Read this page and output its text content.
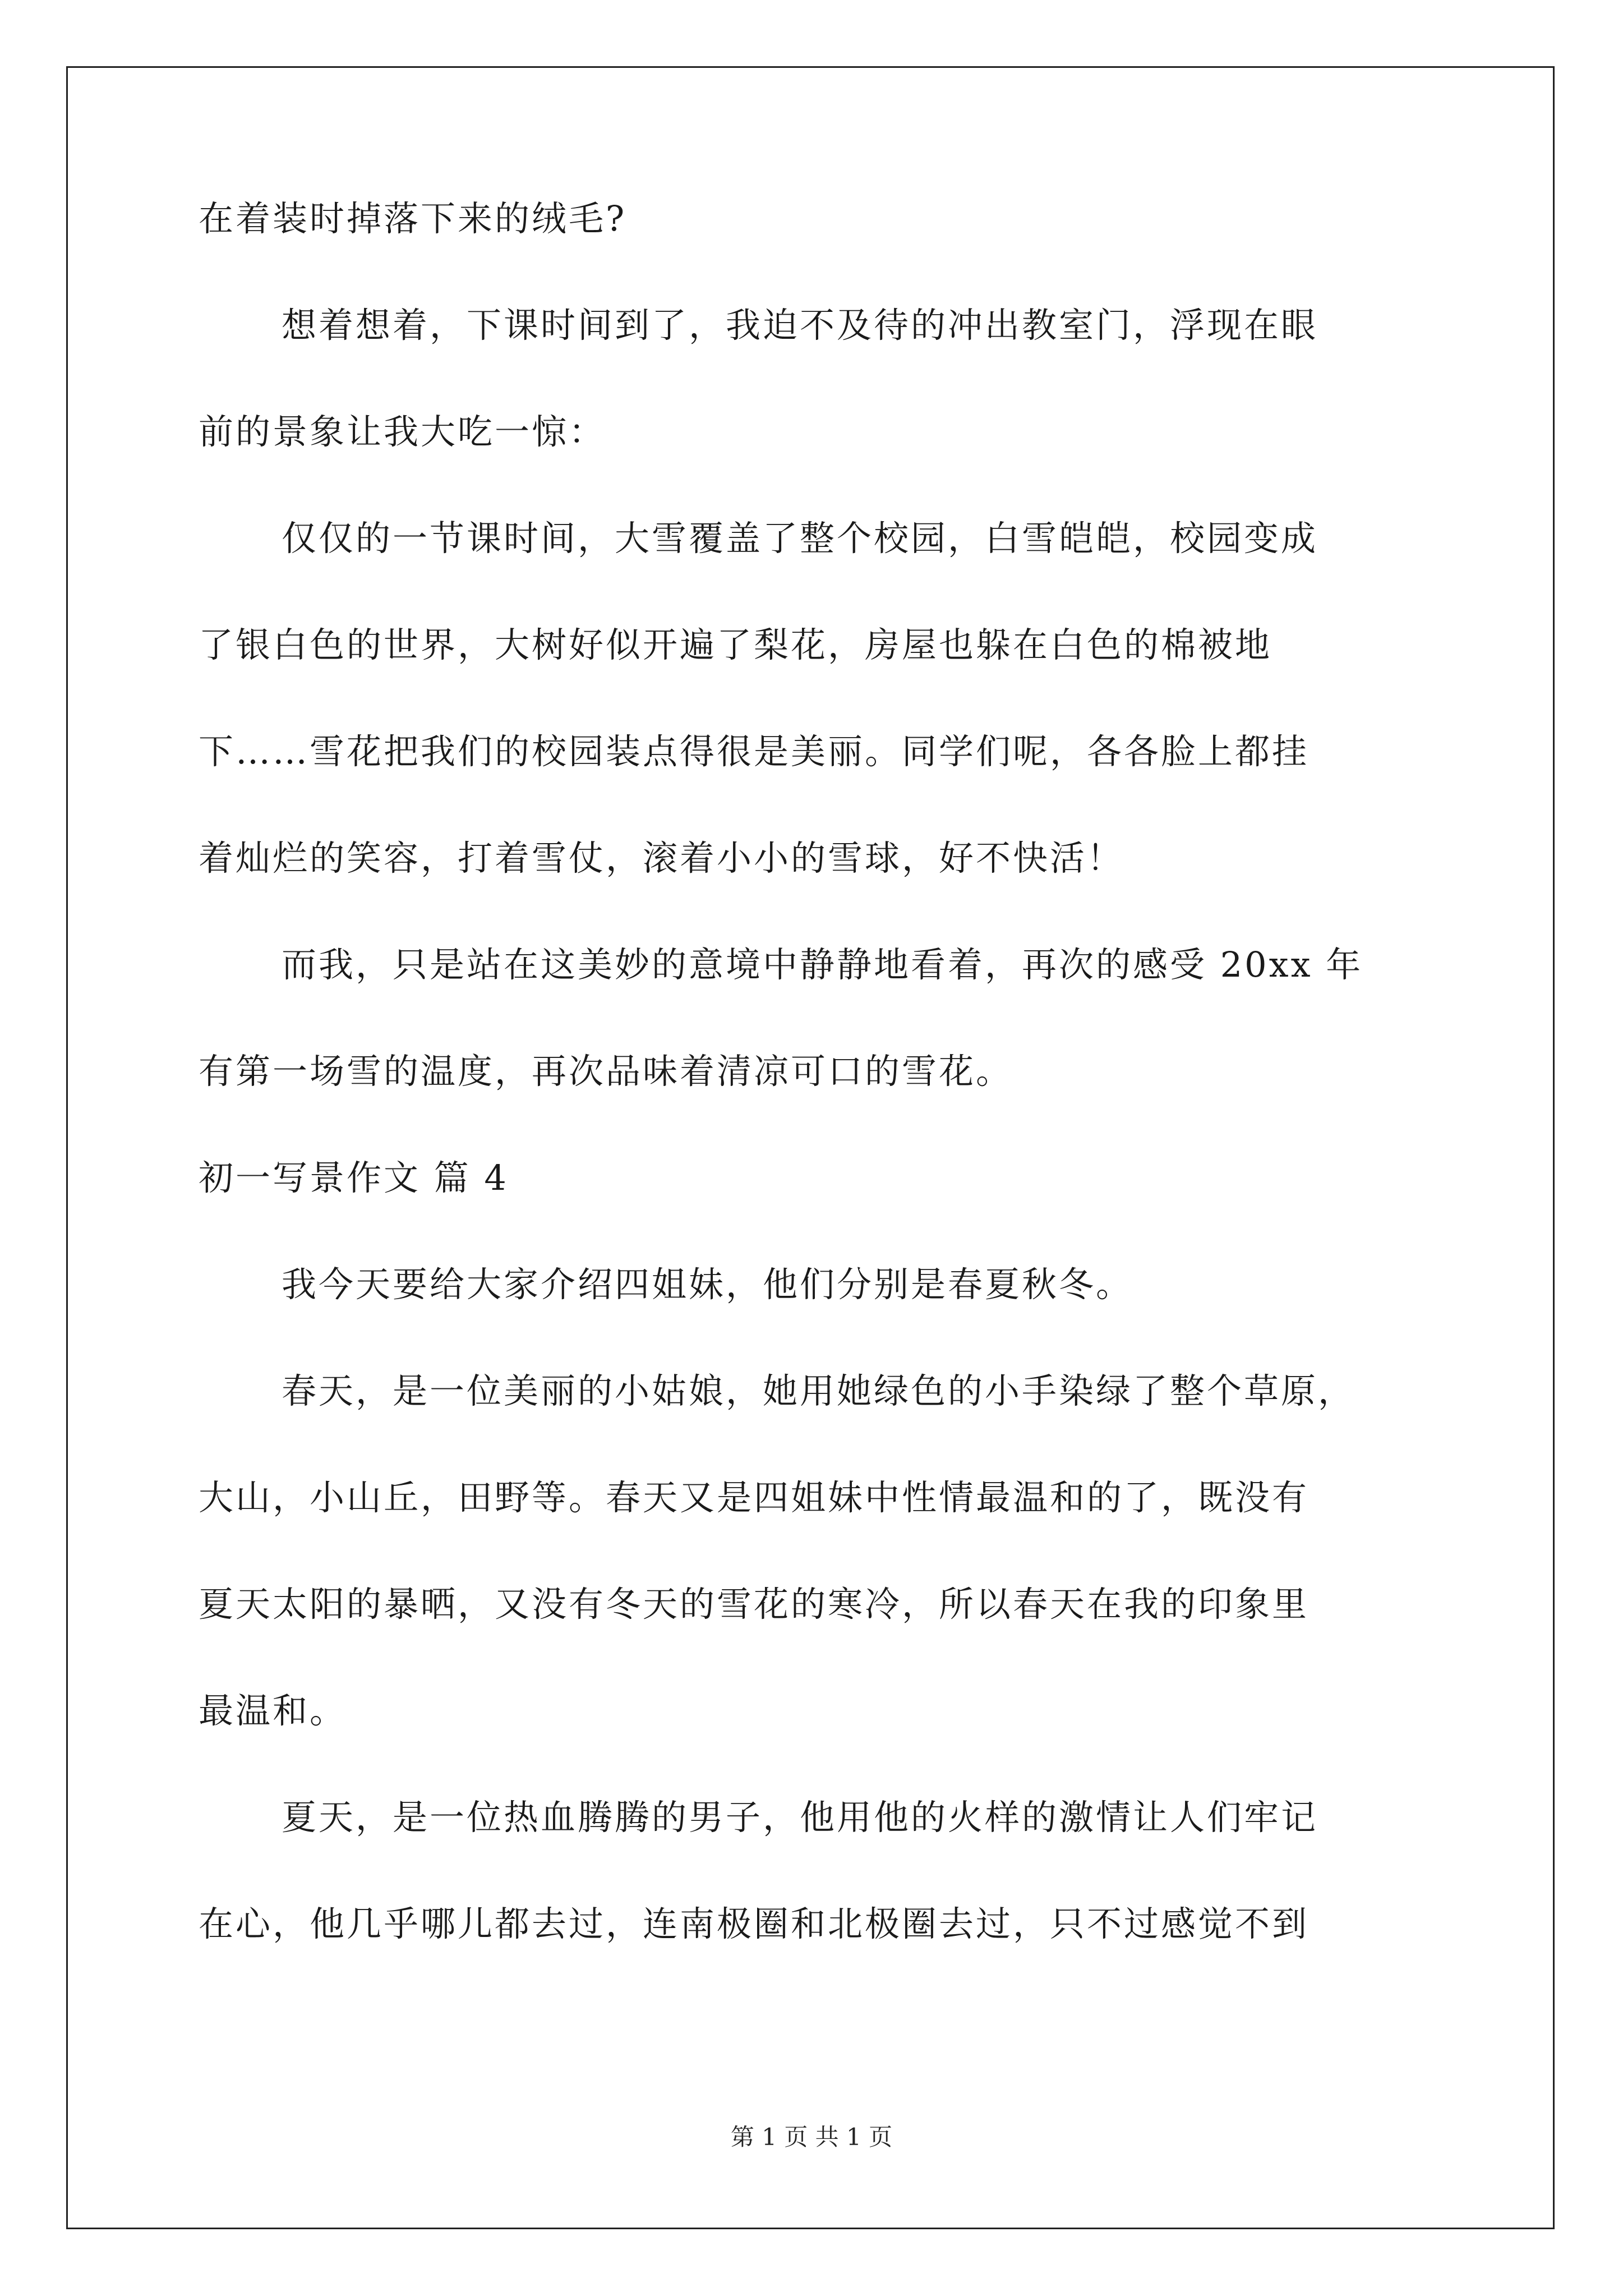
在着装时掉落下来的绒毛?
想着想着，下课时间到了，我迫不及待的冲出教室门，浮现在眼
前的景象让我大吃一惊：
仅仅的一节课时间，大雪覆盖了整个校园，白雪皑皑，校园变成
了银白色的世界，大树好似开遍了梨花，房屋也躲在白色的棉被地
下……雪花把我们的校园装点得很是美丽。同学们呢，各各脸上都挂
着灿烂的笑容，打着雪仗，滚着小小的雪球，好不快活！
而我，只是站在这美妙的意境中静静地看着，再次的感受 20xx 年
有第一场雪的温度，再次品味着清凉可口的雪花。
初一写景作文 篇 4
我今天要给大家介绍四姐妹，他们分别是春夏秋冬。
春天，是一位美丽的小姑娘，她用她绿色的小手染绿了整个草原，
大山，小山丘，田野等。春天又是四姐妹中性情最温和的了，既没有
夏天太阳的暴晒，又没有冬天的雪花的寒冷，所以春天在我的印象里
最温和。
夏天，是一位热血腾腾的男子，他用他的火样的激情让人们牢记
在心，他几乎哪儿都去过，连南极圈和北极圈去过，只不过感觉不到
第 1 页 共 1 页
